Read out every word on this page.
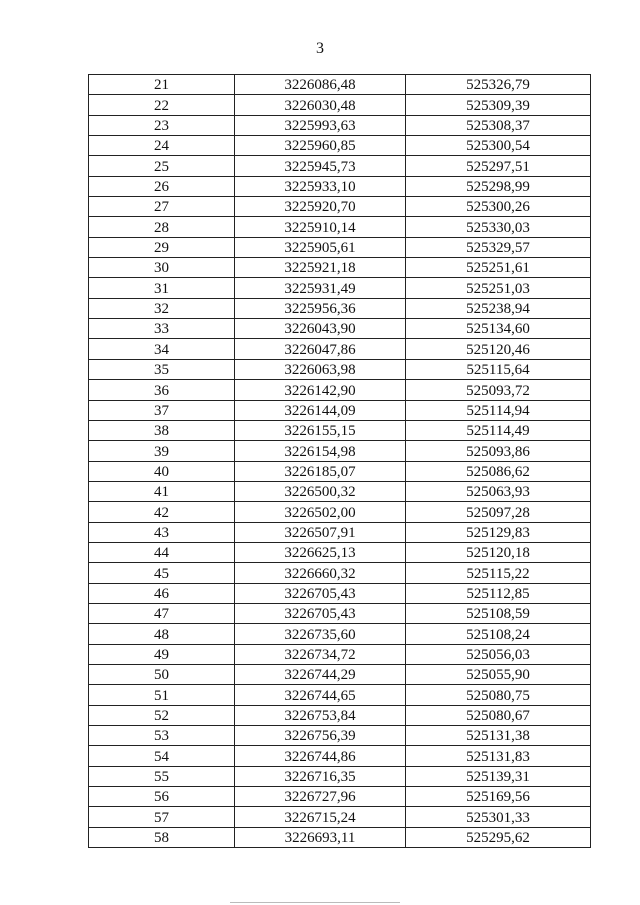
3
21	3226086,48	525326,79
22	3226030,48	525309,39
23	3225993,63	525308,37
24	3225960,85	525300,54
25	3225945,73	525297,51
26	3225933,10	525298,99
27	3225920,70	525300,26
28	3225910,14	525330,03
29	3225905,61	525329,57
30	3225921,18	525251,61
31	3225931,49	525251,03
32	3225956,36	525238,94
33	3226043,90	525134,60
34	3226047,86	525120,46
35	3226063,98	525115,64
36	3226142,90	525093,72
37	3226144,09	525114,94
38	3226155,15	525114,49
39	3226154,98	525093,86
40	3226185,07	525086,62
41	3226500,32	525063,93
42	3226502,00	525097,28
43	3226507,91	525129,83
44	3226625,13	525120,18
45	3226660,32	525115,22
46	3226705,43	525112,85
47	3226705,43	525108,59
48	3226735,60	525108,24
49	3226734,72	525056,03
50	3226744,29	525055,90
51	3226744,65	525080,75
52	3226753,84	525080,67
53	3226756,39	525131,38
54	3226744,86	525131,83
55	3226716,35	525139,31
56	3226727,96	525169,56
57	3226715,24	525301,33
58	3226693,11	525295,62
